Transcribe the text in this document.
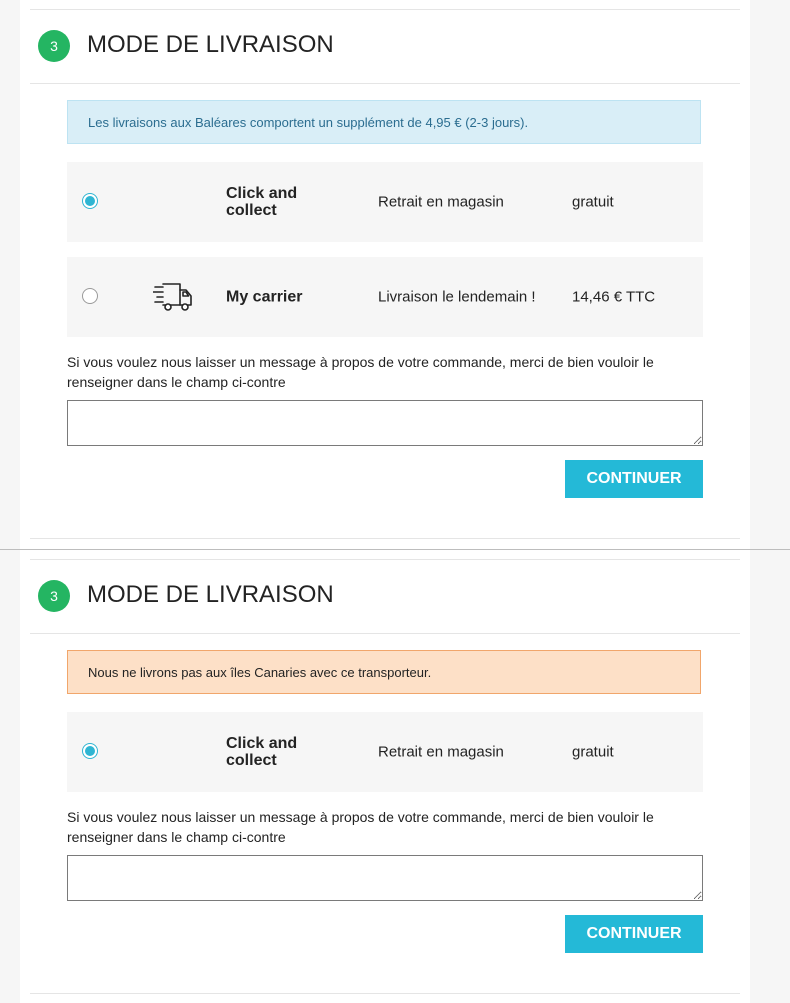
3	MODE DE LIVRAISON
Les livraisons aux Baléares comportent un supplément de 4,95 € (2-3 jours).
Click and collect	Retrait en magasin	gratuit
My carrier	Livraison le lendemain ! 14,46 € TTC
Si vous voulez nous laisser un message à propos de votre commande, merci de bien vouloir le renseigner dans le champ ci-contre
CONTINUER
3	MODE DE LIVRAISON
Nous ne livrons pas aux îles Canaries avec ce transporteur.
Click and collect	Retrait en magasin	gratuit
Si vous voulez nous laisser un message à propos de votre commande, merci de bien vouloir le renseigner dans le champ ci-contre
CONTINUER
